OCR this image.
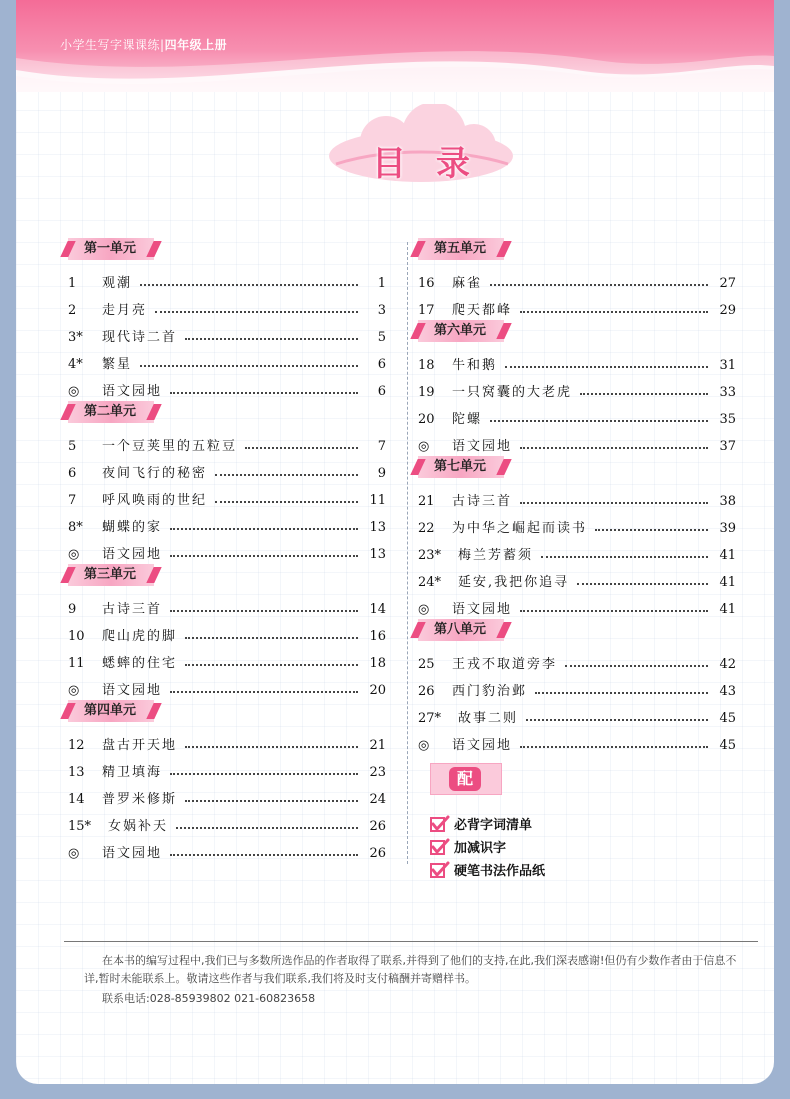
小学生写字课课练|四年级上册
目录
第一单元
1	观潮	1
2	走月亮	3
3*	现代诗二首	5
4*	繁星	6
◎	语文园地	6
第二单元
5	一个豆荚里的五粒豆	7
6	夜间飞行的秘密	9
7	呼风唤雨的世纪	11
8*	蝴蝶的家	13
◎	语文园地	13
第三单元
9	古诗三首	14
10	爬山虎的脚	16
11	蟋蟀的住宅	18
◎	语文园地	20
第四单元
12	盘古开天地	21
13	精卫填海	23
14	普罗米修斯	24
15*	女娲补天	26
◎	语文园地	26
第五单元
16	麻雀	27
17	爬天都峰	29
第六单元
18	牛和鹅	31
19	一只窝囊的大老虎	33
20	陀螺	35
◎	语文园地	37
第七单元
21	古诗三首	38
22	为中华之崛起而读书	39
23*	梅兰芳蓄须	41
24*	延安,我把你追寻	41
◎	语文园地	41
第八单元
25	王戎不取道旁李	42
26	西门豹治邺	43
27*	故事二则	45
◎	语文园地	45
配
必背字词清单
加减识字
硬笔书法作品纸
在本书的编写过程中,我们已与多数所选作品的作者取得了联系,并得到了他们的支持,在此,我们深表感谢!但仍有少数作者由于信息不详,暂时未能联系上。敬请这些作者与我们联系,我们将及时支付稿酬并寄赠样书。
联系电话:028-85939802 021-60823658
